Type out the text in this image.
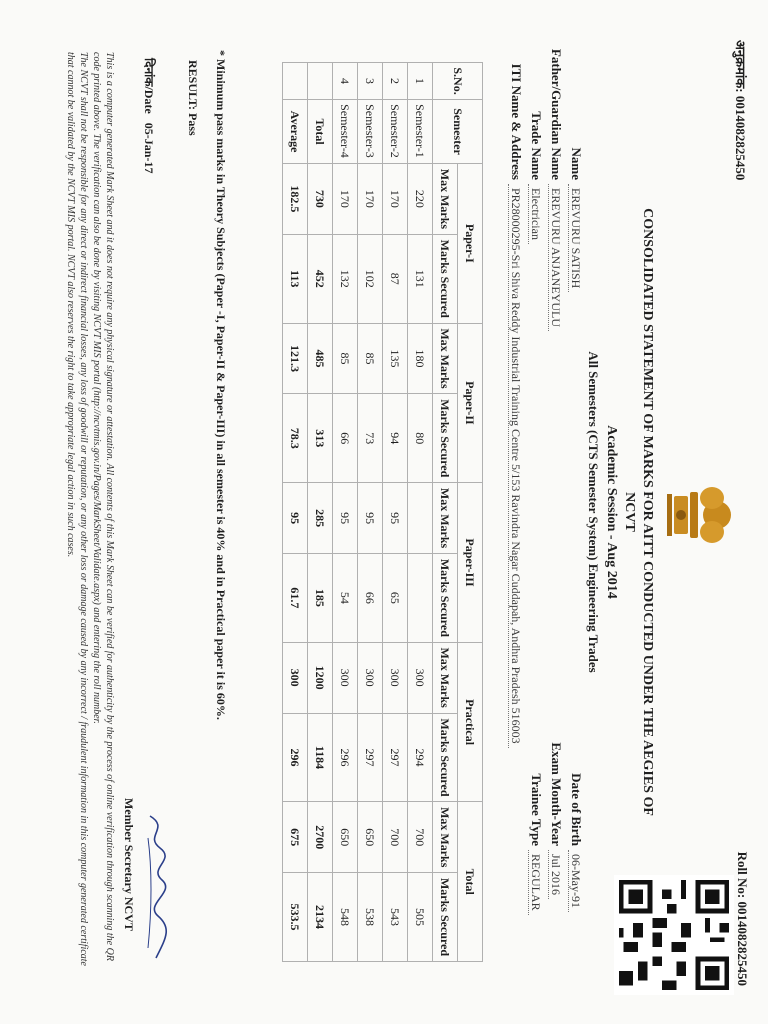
अनुक्रमांक: 0014082825450
Roll No: 0014082825450
CONSOLIDATED STATEMENT OF MARKS FOR AITT CONDUCTED UNDER THE AEGIES OF
NCVT
Academic Session - Aug 2014
All Semesters (CTS Semester System) Engineering Trades
Name EREVURU SATISH
Father/Guardian Name EREVURU ANJANEYULU
Trade Name Electrician
ITI Name & Address PR28000295-Sri Shiva Reddy Industrial Training Centre 5/153 Ravindra Nagar Cuddapah, Andhra Pradesh 516003
Date of Birth 06-May-91
Exam Month-Year Jul 2016
Trainee Type REGULAR
S.No.	Semester	Paper-I		Paper-II		Paper-III		Practical		Total	
		Max Marks	Marks Secured	Max Marks	Marks Secured	Max Marks	Marks Secured	Max Marks	Marks Secured	Max Marks	Marks Secured
1	Semester-1	220	131	180	80			300	294	700	505
2	Semester-2	170	87	135	94	95	65	300	297	700	543
3	Semester-3	170	102	85	73	95	66	300	297	650	538
4	Semester-4	170	132	85	66	95	54	300	296	650	548
	Total	730	452	485	313	285	185	1200	1184	2700	2134
	Average	182.5	113	121.3	78.3	95	61.7	300	296	675	533.5
* Minimum pass marks in Theory Subjects (Paper -I, Paper-II & Paper-III) in all semester is 40% and in Practical paper it is 60%.
RESULT: Pass
दिनांक/Date   05-Jan-17
Member Secretary NCVT
This is a computer generated Mark Sheet and it does not require any physical signature or attestation. All contents of this Mark Sheet can be verified for authenticity by the process of online verification through scanning the QR code printed above. The verification can also be done by visiting NCVT MIS portal (http://ncvtmis.gov.in/Pages/MarkSheet/Validate.aspx) and entering the roll number.
The NCVT shall not be responsible for any direct or indirect financial losses, any loss of goodwill or reputation, or any other loss or damage caused by any incorrect / fraudulent information in this computer generated certificate that cannot be validated by the NCVT MIS portal. NCVT also reserves the right to take appropriate legal action in such cases.
